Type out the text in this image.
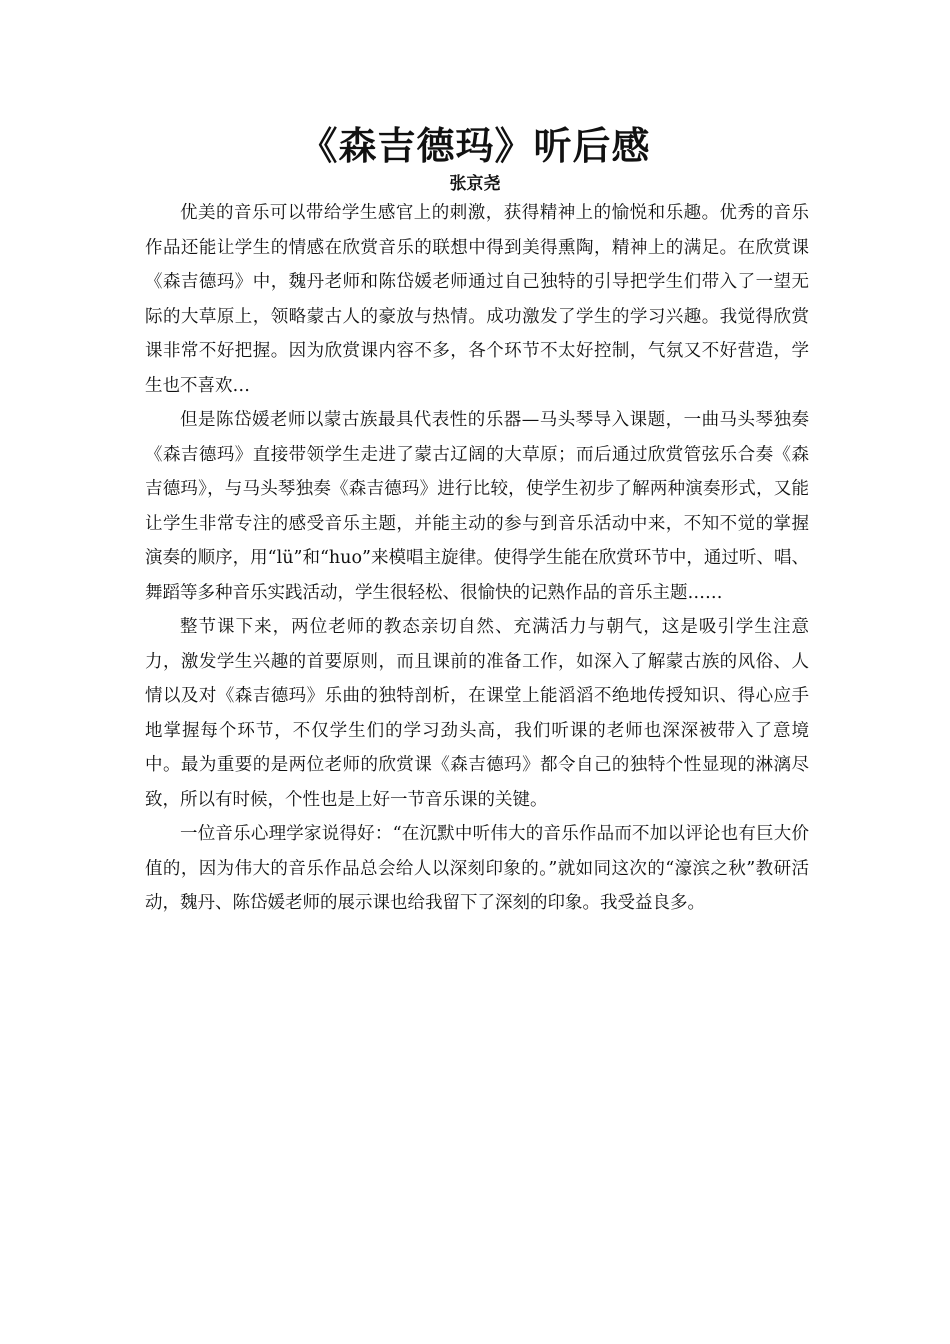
《森吉德玛》听后感
张京尧

优美的音乐可以带给学生感官上的刺激，获得精神上的愉悦和乐趣。优秀的音乐作品还能让学生的情感在欣赏音乐的联想中得到美得熏陶，精神上的满足。在欣赏课《森吉德玛》中，魏丹老师和陈岱媛老师通过自己独特的引导把学生们带入了一望无际的大草原上，领略蒙古人的豪放与热情。成功激发了学生的学习兴趣。我觉得欣赏课非常不好把握。因为欣赏课内容不多，各个环节不太好控制，气氛又不好营造，学生也不喜欢…

但是陈岱媛老师以蒙古族最具代表性的乐器—马头琴导入课题，一曲马头琴独奏《森吉德玛》直接带领学生走进了蒙古辽阔的大草原；而后通过欣赏管弦乐合奏《森吉德玛》，与马头琴独奏《森吉德玛》进行比较，使学生初步了解两种演奏形式，又能让学生非常专注的感受音乐主题，并能主动的参与到音乐活动中来，不知不觉的掌握演奏的顺序，用“lü”和“huo”来模唱主旋律。使得学生能在欣赏环节中，通过听、唱、舞蹈等多种音乐实践活动，学生很轻松、很愉快的记熟作品的音乐主题……

整节课下来，两位老师的教态亲切自然、充满活力与朝气，这是吸引学生注意力，激发学生兴趣的首要原则，而且课前的准备工作，如深入了解蒙古族的风俗、人情以及对《森吉德玛》乐曲的独特剖析，在课堂上能滔滔不绝地传授知识、得心应手地掌握每个环节，不仅学生们的学习劲头高，我们听课的老师也深深被带入了意境中。最为重要的是两位老师的欣赏课《森吉德玛》都令自己的独特个性显现的淋漓尽致，所以有时候，个性也是上好一节音乐课的关键。

一位音乐心理学家说得好：“在沉默中听伟大的音乐作品而不加以评论也有巨大价值的，因为伟大的音乐作品总会给人以深刻印象的。”就如同这次的“濠滨之秋”教研活动，魏丹、陈岱媛老师的展示课也给我留下了深刻的印象。我受益良多。
